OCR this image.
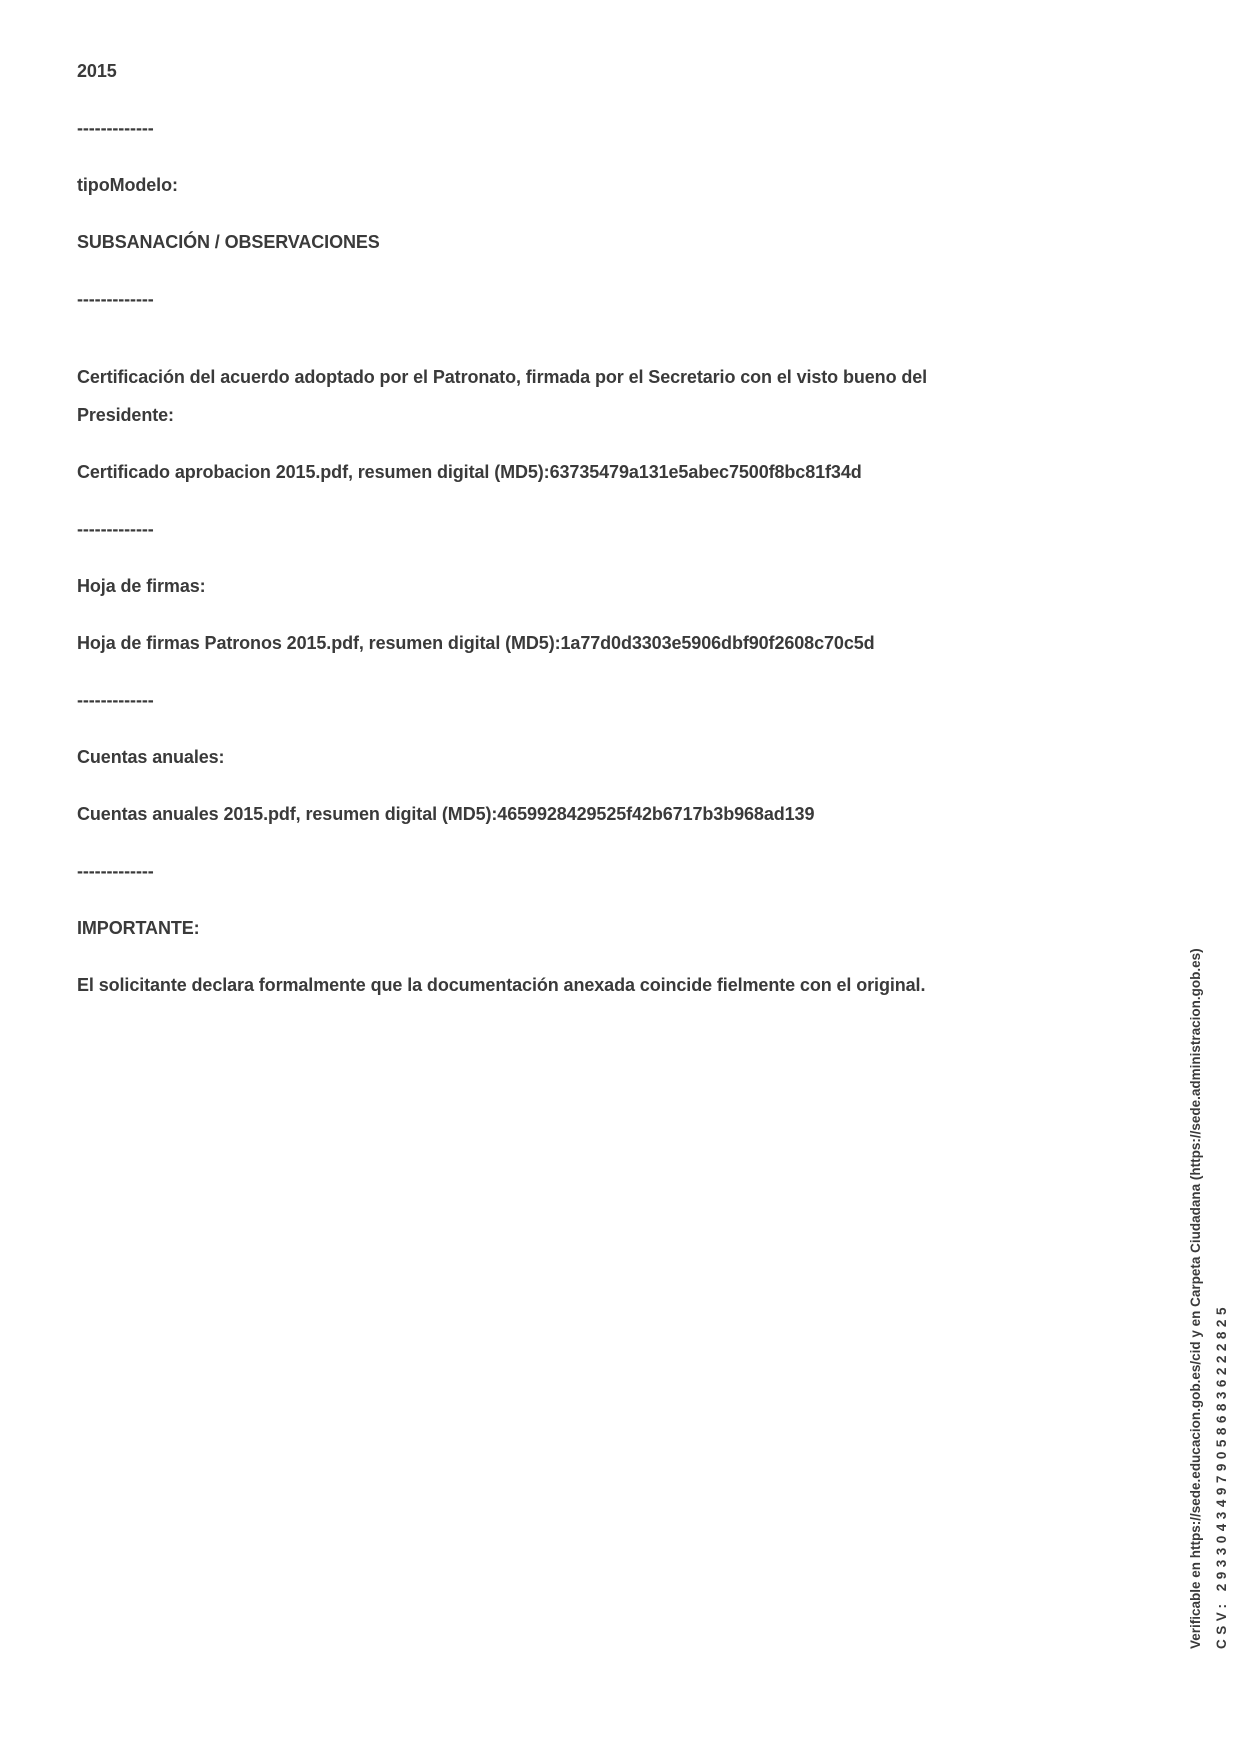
2015

-------------

tipoModelo:

SUBSANACIÓN / OBSERVACIONES

-------------

Certificación del acuerdo adoptado por el Patronato, firmada por el Secretario con el visto bueno del
Presidente:

Certificado aprobacion 2015.pdf, resumen digital (MD5):63735479a131e5abec7500f8bc81f34d

-------------

Hoja de firmas:

Hoja de firmas Patronos 2015.pdf, resumen digital (MD5):1a77d0d3303e5906dbf90f2608c70c5d

-------------

Cuentas anuales:

Cuentas anuales 2015.pdf, resumen digital (MD5):4659928429525f42b6717b3b968ad139

-------------

IMPORTANTE:

El solicitante declara formalmente que la documentación anexada coincide fielmente con el original.	Verificable en https://sede.educacion.gob.es/cid y en Carpeta Ciudadana (https://sede.administracion.gob.es) CSV: 293304349790586836222825
